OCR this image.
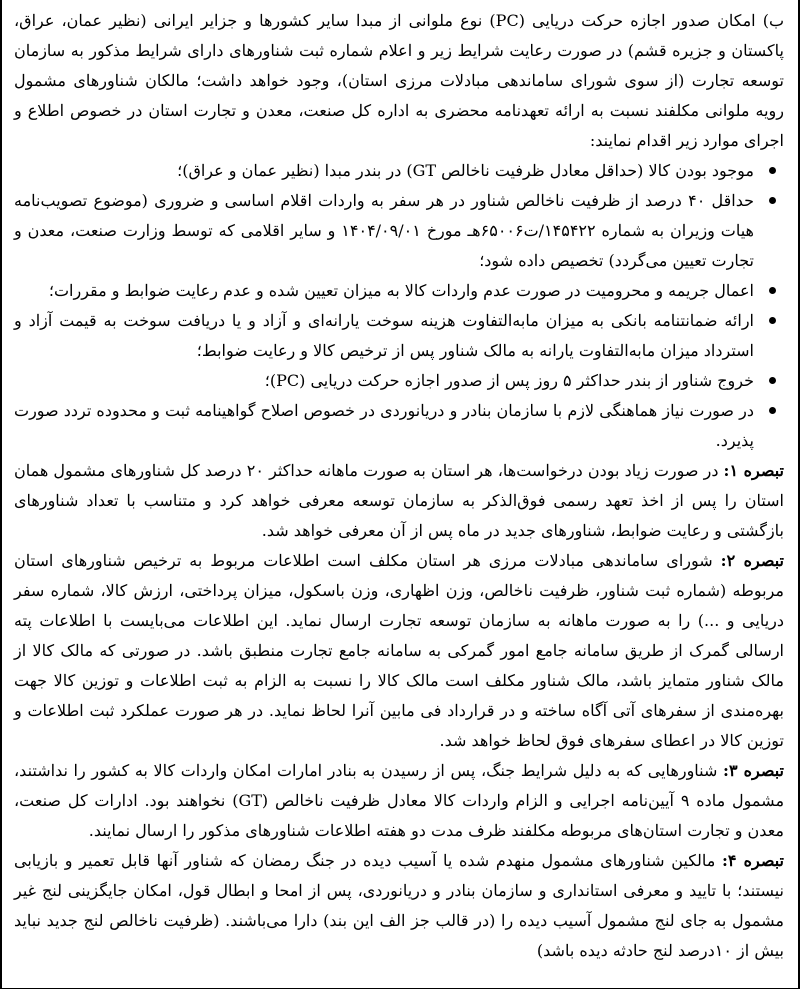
ب) امکان صدور اجازه حرکت دریایی (PC) نوع ملوانی از مبدا سایر کشورها و جزایر ایرانی (نظیر عمان، عراق، پاکستان و جزیره قشم) در صورت رعایت شرایط زیر و اعلام شماره ثبت شناورهای دارای شرایط مذکور به سازمان توسعه تجارت (از سوی شورای ساماندهی مبادلات مرزی استان)، وجود خواهد داشت؛ مالکان شناورهای مشمول رویه ملوانی مکلفند نسبت به ارائه تعهدنامه محضری به اداره کل صنعت، معدن و تجارت استان در خصوص اطلاع و اجرای موارد زیر اقدام نمایند:

موجود بودن کالا (حداقل معادل ظرفیت ناخالص GT) در بندر مبدا (نظیر عمان و عراق)؛
حداقل ۴۰ درصد از ظرفیت ناخالص شناور در هر سفر به واردات اقلام اساسی و ضروری (موضوع تصویب‌نامه هیات وزیران به شماره ۱۴۵۴۲۲/ت۶۵۰۰۶هـ مورخ ۱۴۰۴/۰۹/۰۱ و سایر اقلامی که توسط وزارت صنعت، معدن و تجارت تعیین می‌گردد) تخصیص داده شود؛
اعمال جریمه و محرومیت در صورت عدم واردات کالا به میزان تعیین شده و عدم رعایت ضوابط و مقررات؛
ارائه ضمانتنامه بانکی به میزان مابه‌التفاوت هزینه سوخت یارانه‌ای و آزاد و یا دریافت سوخت به قیمت آزاد و استرداد میزان مابه‌التفاوت یارانه به مالک شناور پس از ترخیص کالا و رعایت ضوابط؛
خروج شناور از بندر حداکثر ۵ روز پس از صدور اجازه حرکت دریایی (PC)؛
در صورت نیاز هماهنگی لازم با سازمان بنادر و دریانوردی در خصوص اصلاح گواهینامه ثبت و محدوده تردد صورت پذیرد.

تبصره ۱: در صورت زیاد بودن درخواست‌ها، هر استان به صورت ماهانه حداکثر ۲۰ درصد کل شناورهای مشمول همان استان را پس از اخذ تعهد رسمی فوق‌الذکر به سازمان توسعه معرفی خواهد کرد و متناسب با تعداد شناورهای بازگشتی و رعایت ضوابط، شناورهای جدید در ماه پس از آن معرفی خواهد شد.

تبصره ۲: شورای ساماندهی مبادلات مرزی هر استان مکلف است اطلاعات مربوط به ترخیص شناورهای استان مربوطه (شماره ثبت شناور، ظرفیت ناخالص، وزن اظهاری، وزن باسکول، میزان پرداختی، ارزش کالا، شماره سفر دریایی و ...) را به صورت ماهانه به سازمان توسعه تجارت ارسال نماید. این اطلاعات می‌بایست با اطلاعات پته ارسالی گمرک از طریق سامانه جامع امور گمرکی به سامانه جامع تجارت منطبق باشد. در صورتی که مالک کالا از مالک شناور متمایز باشد، مالک شناور مکلف است مالک کالا را نسبت به الزام به ثبت اطلاعات و توزین کالا جهت بهره‌مندی از سفرهای آتی آگاه ساخته و در قرارداد فی مابین آنرا لحاظ نماید. در هر صورت عملکرد ثبت اطلاعات و توزین کالا در اعطای سفرهای فوق لحاظ خواهد شد.

تبصره ۳: شناورهایی که به دلیل شرایط جنگ، پس از رسیدن به بنادر امارات امکان واردات کالا به کشور را نداشتند، مشمول ماده ۹ آیین‌نامه اجرایی و الزام واردات کالا معادل ظرفیت ناخالص (GT) نخواهند بود. ادارات کل صنعت، معدن و تجارت استان‌های مربوطه مکلفند ظرف مدت دو هفته اطلاعات شناورهای مذکور را ارسال نمایند.

تبصره ۴: مالکین شناورهای مشمول منهدم شده یا آسیب دیده در جنگ رمضان که شناور آنها قابل تعمیر و بازیابی نیستند؛ با تایید و معرفی استانداری و سازمان بنادر و دریانوردی، پس از امحا و ابطال قول، امکان جایگزینی لنج غیر مشمول به جای لنج مشمول آسیب دیده را (در قالب جز الف این بند) دارا می‌باشند. (ظرفیت ناخالص لنج جدید نباید بیش از ۱۰درصد لنج حادثه دیده باشد)
